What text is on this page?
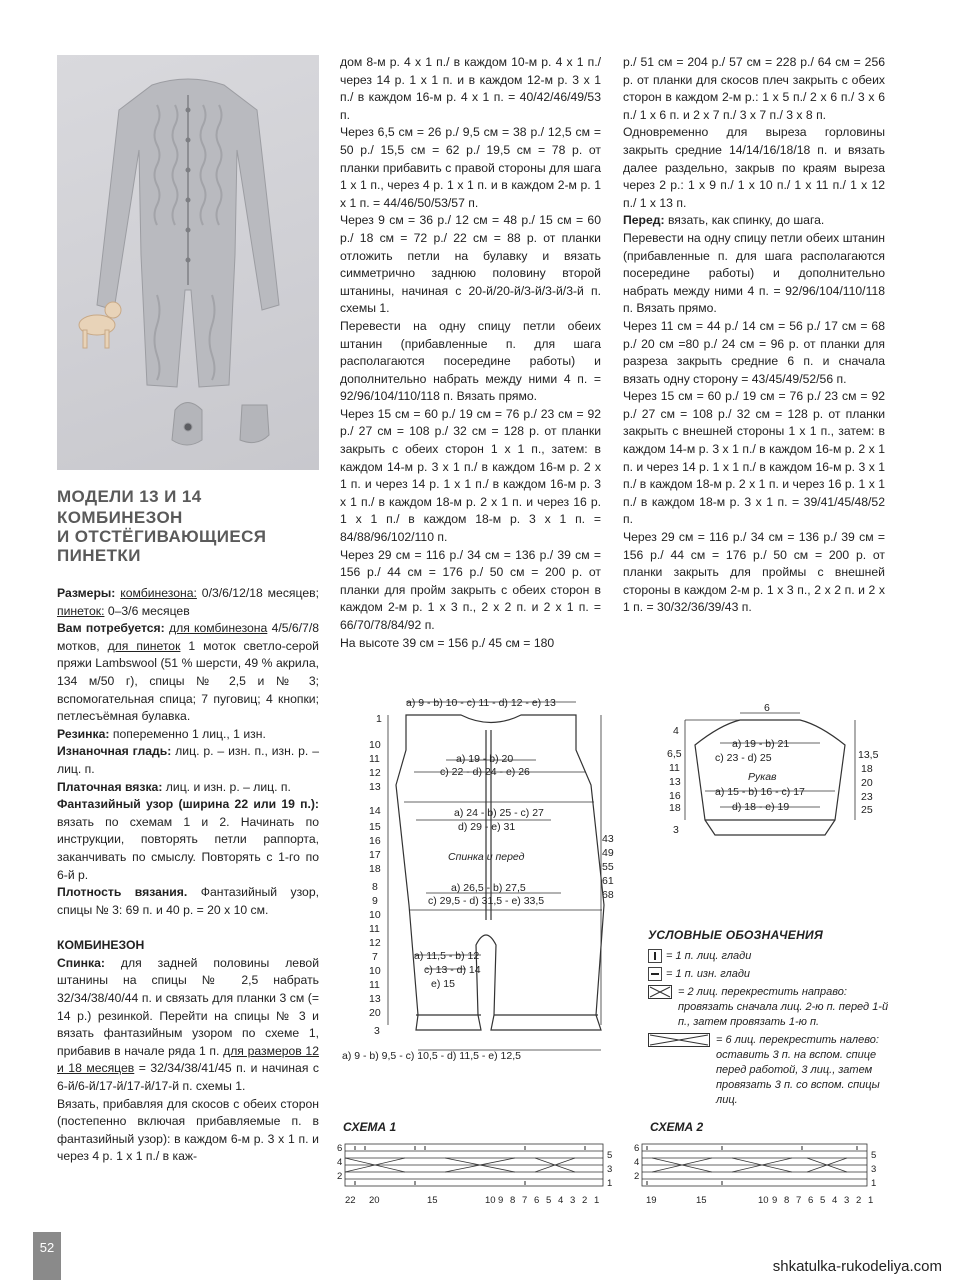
МОДЕЛИ 13 И 14
КОМБИНЕЗОН
И ОТСТЁГИВАЮЩИЕСЯ
ПИНЕТКИ

Размеры: комбинезона: 0/3/6/12/18 месяцев; пинеток: 0–3/6 месяцев

Вам потребуется: для комбинезона 4/5/6/7/8 мотков, для пинеток 1 моток светло-серой пряжи Lambswool (51 % шерсти, 49 % акрила, 134 м/50 г), спицы № 2,5 и № 3; вспомогательная спица; 7 пуговиц; 4 кнопки; петлесъёмная булавка.

Резинка: попеременно 1 лиц., 1 изн.

Изнаночная гладь: лиц. р. – изн. п., изн. р. – лиц. п.

Платочная вязка: лиц. и изн. р. – лиц. п.

Фантазийный узор (ширина 22 или 19 п.): вязать по схемам 1 и 2. Начинать по инструкции, повторять петли раппорта, заканчивать по смыслу. Повторять с 1-го по 6-й р.

Плотность вязания. Фантазийный узор, спицы № 3: 69 п. и 40 р. = 20 х 10 см.

КОМБИНЕЗОН

Спинка: для задней половины левой штанины на спицы № 2,5 набрать 32/34/38/40/44 п. и связать для планки 3 см (= 14 р.) резинкой. Перейти на спицы № 3 и вязать фантазийным узором по схеме 1, прибавив в начале ряда 1 п. для размеров 12 и 18 месяцев = 32/34/38/41/45 п. и начиная с 6-й/6-й/17-й/17-й/17-й п. схемы 1.

Вязать, прибавляя для скосов с обеих сторон (постепенно включая прибавляемые п. в фантазийный узор): в каждом 6-м р. 3 х 1 п. и через 4 р. 1 х 1 п./ в каж-

дом 8-м р. 4 х 1 п./ в каждом 10-м р. 4 х 1 п./ через 14 р. 1 х 1 п. и в каждом 12-м р. 3 х 1 п./ в каждом 16-м р. 4 х 1 п. = 40/42/46/49/53 п.

Через 6,5 см = 26 р./ 9,5 см = 38 р./ 12,5 см = 50 р./ 15,5 см = 62 р./ 19,5 см = 78 р. от планки прибавить с правой стороны для шага 1 х 1 п., через 4 р. 1 х 1 п. и в каждом 2-м р. 1 х 1 п. = 44/46/50/53/57 п.

Через 9 см = 36 р./ 12 см = 48 р./ 15 см = 60 р./ 18 см = 72 р./ 22 см = 88 р. от планки отложить петли на булавку и вязать симметрично заднюю половину второй штанины, начиная с 20-й/20-й/3-й/3-й/3-й п. схемы 1.

Перевести на одну спицу петли обеих штанин (прибавленные п. для шага располагаются посередине работы) и дополнительно набрать между ними 4 п. = 92/96/104/110/118 п. Вязать прямо.

Через 15 см = 60 р./ 19 см = 76 р./ 23 см = 92 р./ 27 см = 108 р./ 32 см = 128 р. от планки закрыть с обеих сторон 1 х 1 п., затем: в каждом 14-м р. 3 х 1 п./ в каждом 16-м р. 2 х 1 п. и через 14 р. 1 х 1 п./ в каждом 16-м р. 3 х 1 п./ в каждом 18-м р. 2 х 1 п. и через 16 р. 1 х 1 п./ в каждом 18-м р. 3 х 1 п. = 84/88/96/102/110 п.

Через 29 см = 116 р./ 34 см = 136 р./ 39 см = 156 р./ 44 см = 176 р./ 50 см = 200 р. от планки для пройм закрыть с обеих сторон в каждом 2-м р. 1 х 3 п., 2 х 2 п. и 2 х 1 п. = 66/70/78/84/92 п.

На высоте 39 см = 156 р./ 45 см = 180

р./ 51 см = 204 р./ 57 см = 228 р./ 64 см = 256 р. от планки для скосов плеч закрыть с обеих сторон в каждом 2-м р.: 1 х 5 п./ 2 х 6 п./ 3 х 6 п./ 1 х 6 п. и 2 х 7 п./ 3 х 7 п./ 3 х 8 п.

Одновременно для выреза горловины закрыть средние 14/14/16/18/18 п. и вязать далее раздельно, закрыв по краям выреза через 2 р.: 1 х 9 п./ 1 х 10 п./ 1 х 11 п./ 1 х 12 п./ 1 х 13 п.

Перед: вязать, как спинку, до шага.

Перевести на одну спицу петли обеих штанин (прибавленные п. для шага располагаются посередине работы) и дополнительно набрать между ними 4 п. = 92/96/104/110/118 п. Вязать прямо.

Через 11 см = 44 р./ 14 см = 56 р./ 17 см = 68 р./ 20 см =80 р./ 24 см = 96 р. от планки для разреза закрыть средние 6 п. и сначала вязать одну сторону = 43/45/49/52/56 п.

Через 15 см = 60 р./ 19 см = 76 р./ 23 см = 92 р./ 27 см = 108 р./ 32 см = 128 р. от планки закрыть с внешней стороны 1 х 1 п., затем: в каждом 14-м р. 3 х 1 п./ в каждом 16-м р. 2 х 1 п. и через 14 р. 1 х 1 п./ в каждом 16-м р. 3 х 1 п./ в каждом 18-м р. 2 х 1 п. и через 16 р. 1 х 1 п./ в каждом 18-м р. 3 х 1 п. = 39/41/45/48/52 п.

Через 29 см = 116 р./ 34 см = 136 р./ 39 см = 156 р./ 44 см = 176 р./ 50 см = 200 р. от планки закрыть для проймы с внешней стороны в каждом 2-м р. 1 х 3 п., 2 х 2 п. и 2 х 1 п. = 30/32/36/39/43 п.

a) 9 - b) 10 - c) 11 - d) 12 - e) 13
1
10
11
12
13
14
15
16
17
18
8
9
10
11
12
7
10
11
13
20
3
a) 19 - b) 20
c) 22 - d) 24 - e) 26
a) 24 - b) 25 - c) 27
d) 29 - e) 31
Спинка и перед
a) 26,5 - b) 27,5
c) 29,5 - d) 31,5 - e) 33,5
a) 11,5 - b) 12
c) 13 - d) 14
e) 15
a) 9 - b) 9,5 - c) 10,5 - d) 11,5 - e) 12,5
43
49
55
61
68
6
4
6,5
11
13
16
18
3
a) 19 - b) 21
c) 23 - d) 25
Рукав
a) 15 - b) 16 - c) 17
d) 18 - e) 19
13,5
18
20
23
25
УСЛОВНЫЕ ОБОЗНАЧЕНИЯ
= 1 п. лиц. глади
= 1 п. изн. глади
= 2 лиц. перекрестить направо: провязать сначала лиц. 2-ю п. перед 1-й п., затем провязать 1-ю п.
= 6 лиц. перекрестить налево: оставить 3 п. на вспом. спице перед работой, 3 лиц., затем провязать 3 п. со вспом. спицы лиц.
СХЕМА 1
6
4
2
5
3
1
22 20	15	10 9 8 7 6 5 4 3 2 1
СХЕМА 2
6
4
2
5
3
1
19	15	10 9 8 7 6 5 4 3 2 1
52
shkatulka-rukodeliya.com
